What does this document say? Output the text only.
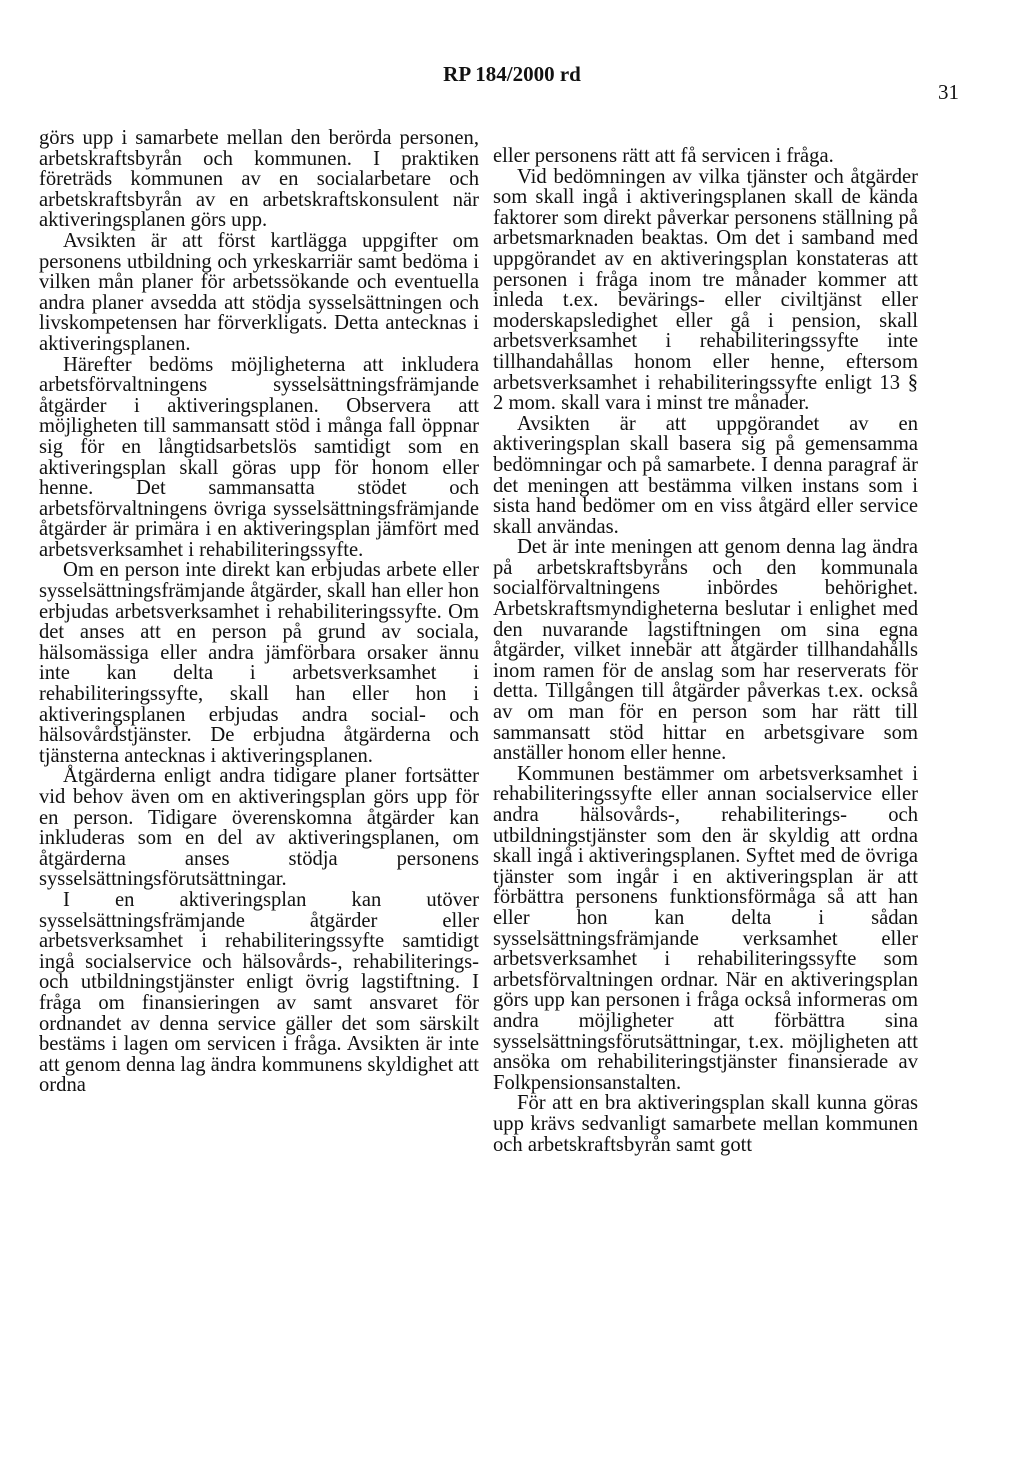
RP 184/2000 rd
31

görs upp i samarbete mellan den berörda personen, arbetskraftsbyrån och kommunen. I praktiken företräds kommunen av en socialarbetare och arbetskraftsbyrån av en arbetskraftskonsulent när aktiveringsplanen görs upp.

Avsikten är att först kartlägga uppgifter om personens utbildning och yrkeskarriär samt bedöma i vilken mån planer för arbetssökande och eventuella andra planer avsedda att stödja sysselsättningen och livskompetensen har förverkligats. Detta antecknas i aktiveringsplanen.

Härefter bedöms möjligheterna att inkludera arbetsförvaltningens sysselsättningsfrämjande åtgärder i aktiveringsplanen. Observera att möjligheten till sammansatt stöd i många fall öppnar sig för en långtidsarbetslös samtidigt som en aktiveringsplan skall göras upp för honom eller henne. Det sammansatta stödet och arbetsförvaltningens övriga sysselsättningsfrämjande åtgärder är primära i en aktiveringsplan jämfört med arbetsverksamhet i rehabiliteringssyfte.

Om en person inte direkt kan erbjudas arbete eller sysselsättningsfrämjande åtgärder, skall han eller hon erbjudas arbetsverksamhet i rehabiliteringssyfte. Om det anses att en person på grund av sociala, hälsomässiga eller andra jämförbara orsaker ännu inte kan delta i arbetsverksamhet i rehabiliteringssyfte, skall han eller hon i aktiveringsplanen erbjudas andra social- och hälsovårdstjänster. De erbjudna åtgärderna och tjänsterna antecknas i aktiveringsplanen.

Åtgärderna enligt andra tidigare planer fortsätter vid behov även om en aktiveringsplan görs upp för en person. Tidigare överenskomna åtgärder kan inkluderas som en del av aktiveringsplanen, om åtgärderna anses stödja personens sysselsättningsförutsättningar.

I en aktiveringsplan kan utöver sysselsättningsfrämjande åtgärder eller arbetsverksamhet i rehabiliteringssyfte samtidigt ingå socialservice och hälsovårds-, rehabiliterings- och utbildningstjänster enligt övrig lagstiftning. I fråga om finansieringen av samt ansvaret för ordnandet av denna service gäller det som särskilt bestäms i lagen om servicen i fråga. Avsikten är inte att genom denna lag ändra kommunens skyldighet att ordna

eller personens rätt att få servicen i fråga.

Vid bedömningen av vilka tjänster och åtgärder som skall ingå i aktiveringsplanen skall de kända faktorer som direkt påverkar personens ställning på arbetsmarknaden beaktas. Om det i samband med uppgörandet av en aktiveringsplan konstateras att personen i fråga inom tre månader kommer att inleda t.ex. bevärings- eller civiltjänst eller moderskapsledighet eller gå i pension, skall arbetsverksamhet i rehabiliteringssyfte inte tillhandahållas honom eller henne, eftersom arbetsverksamhet i rehabiliteringssyfte enligt 13 § 2 mom. skall vara i minst tre månader.

Avsikten är att uppgörandet av en aktiveringsplan skall basera sig på gemensamma bedömningar och på samarbete. I denna paragraf är det meningen att bestämma vilken instans som i sista hand bedömer om en viss åtgärd eller service skall användas.

Det är inte meningen att genom denna lag ändra på arbetskraftsbyråns och den kommunala socialförvaltningens inbördes behörighet. Arbetskraftsmyndigheterna beslutar i enlighet med den nuvarande lagstiftningen om sina egna åtgärder, vilket innebär att åtgärder tillhandahålls inom ramen för de anslag som har reserverats för detta. Tillgången till åtgärder påverkas t.ex. också av om man för en person som har rätt till sammansatt stöd hittar en arbetsgivare som anställer honom eller henne.

Kommunen bestämmer om arbetsverksamhet i rehabiliteringssyfte eller annan socialservice eller andra hälsovårds-, rehabiliterings- och utbildningstjänster som den är skyldig att ordna skall ingå i aktiveringsplanen. Syftet med de övriga tjänster som ingår i en aktiveringsplan är att förbättra personens funktionsförmåga så att han eller hon kan delta i sådan sysselsättningsfrämjande verksamhet eller arbetsverksamhet i rehabiliteringssyfte som arbetsförvaltningen ordnar. När en aktiveringsplan görs upp kan personen i fråga också informeras om andra möjligheter att förbättra sina sysselsättningsförutsättningar, t.ex. möjligheten att ansöka om rehabiliteringstjänster finansierade av Folkpensionsanstalten.

För att en bra aktiveringsplan skall kunna göras upp krävs sedvanligt samarbete mellan kommunen och arbetskraftsbyrån samt gott
